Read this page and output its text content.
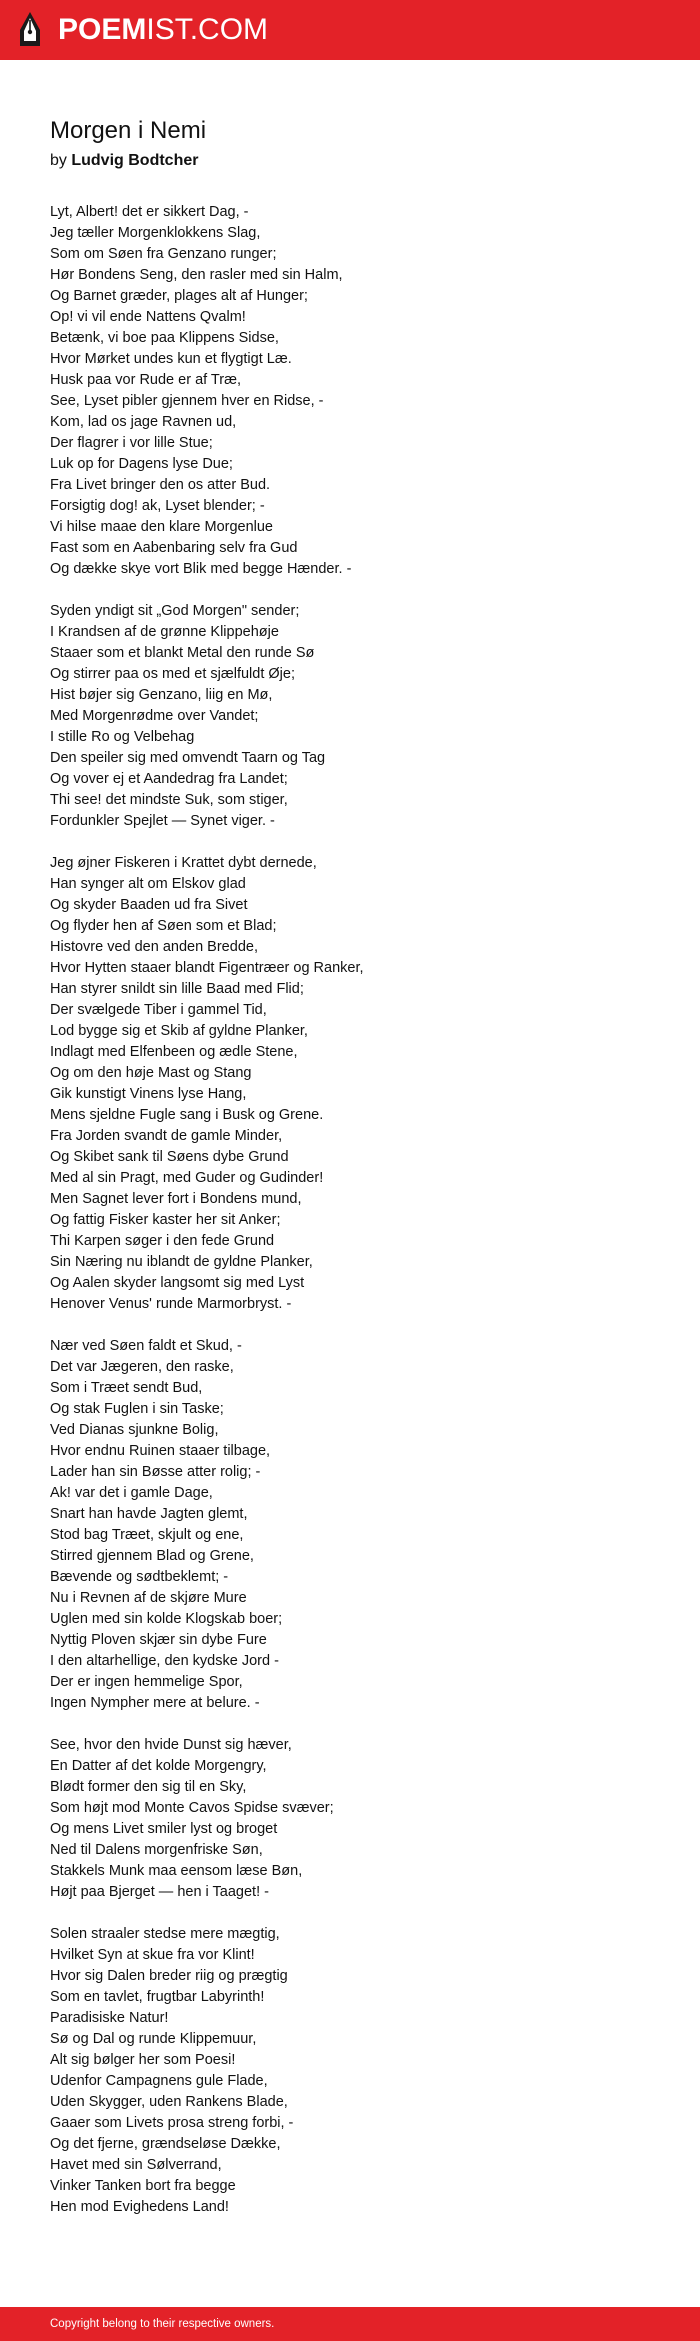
POEMIST.COM
Morgen i Nemi
by Ludvig Bodtcher
Lyt, Albert! det er sikkert Dag, -
Jeg tæller Morgenklokkens Slag,
Som om Søen fra Genzano runger;
Hør Bondens Seng, den rasler med sin Halm,
Og Barnet græder, plages alt af Hunger;
Op! vi vil ende Nattens Qvalm!
Betænk, vi boe paa Klippens Sidse,
Hvor Mørket undes kun et flygtigt Læ.
Husk paa vor Rude er af Træ,
See, Lyset pibler gjennem hver en Ridse, -
Kom, lad os jage Ravnen ud,
Der flagrer i vor lille Stue;
Luk op for Dagens lyse Due;
Fra Livet bringer den os atter Bud.
Forsigtig dog! ak, Lyset blender; -
Vi hilse maae den klare Morgenlue
Fast som en Aabenbaring selv fra Gud
Og dække skye vort Blik med begge Hænder. -
Syden yndigt sit „God Morgen" sender;
I Krandsen af de grønne Klippehøje
Staaer som et blankt Metal den runde Sø
Og stirrer paa os med et sjælfuldt Øje;
Hist bøjer sig Genzano, liig en Mø,
Med Morgenrødme over Vandet;
I stille Ro og Velbehag
Den speiler sig med omvendt Taarn og Tag
Og vover ej et Aandedrag fra Landet;
Thi see! det mindste Suk, som stiger,
Fordunkler Spejlet — Synet viger. -
Jeg øjner Fiskeren i Krattet dybt dernede,
Han synger alt om Elskov glad
Og skyder Baaden ud fra Sivet
Og flyder hen af Søen som et Blad;
Histovre ved den anden Bredde,
Hvor Hytten staaer blandt Figentræer og Ranker,
Han styrer snildt sin lille Baad med Flid;
Der svælgede Tiber i gammel Tid,
Lod bygge sig et Skib af gyldne Planker,
Indlagt med Elfenbeen og ædle Stene,
Og om den høje Mast og Stang
Gik kunstigt Vinens lyse Hang,
Mens sjeldne Fugle sang i Busk og Grene.
Fra Jorden svandt de gamle Minder,
Og Skibet sank til Søens dybe Grund
Med al sin Pragt, med Guder og Gudinder!
Men Sagnet lever fort i Bondens mund,
Og fattig Fisker kaster her sit Anker;
Thi Karpen søger i den fede Grund
Sin Næring nu iblandt de gyldne Planker,
Og Aalen skyder langsomt sig med Lyst
Henover Venus' runde Marmorbryst. -
Nær ved Søen faldt et Skud, -
Det var Jægeren, den raske,
Som i Træet sendt Bud,
Og stak Fuglen i sin Taske;
Ved Dianas sjunkne Bolig,
Hvor endnu Ruinen staaer tilbage,
Lader han sin Bøsse atter rolig; -
Ak! var det i gamle Dage,
Snart han havde Jagten glemt,
Stod bag Træet, skjult og ene,
Stirred gjennem Blad og Grene,
Bævende og sødtbeklemt; -
Nu i Revnen af de skjøre Mure
Uglen med sin kolde Klogskab boer;
Nyttig Ploven skjær sin dybe Fure
I den altarhellige, den kydske Jord -
Der er ingen hemmelige Spor,
Ingen Nympher mere at belure. -
See, hvor den hvide Dunst sig hæver,
En Datter af det kolde Morgengry,
Blødt former den sig til en Sky,
Som højt mod Monte Cavos Spidse svæver;
Og mens Livet smiler lyst og broget
Ned til Dalens morgenfriske Søn,
Stakkels Munk maa eensom læse Bøn,
Højt paa Bjerget — hen i Taaget! -
Solen straaler stedse mere mægtig,
Hvilket Syn at skue fra vor Klint!
Hvor sig Dalen breder riig og prægtig
Som en tavlet, frugtbar Labyrinth!
Paradisiske Natur!
Sø og Dal og runde Klippemuur,
Alt sig bølger her som Poesi!
Udenfor Campagnens gule Flade,
Uden Skygger, uden Rankens Blade,
Gaaer som Livets prosa streng forbi, -
Og det fjerne, grændseløse Dække,
Havet med sin Sølverrand,
Vinker Tanken bort fra begge
Hen mod Evighedens Land!
Copyright belong to their respective owners.
